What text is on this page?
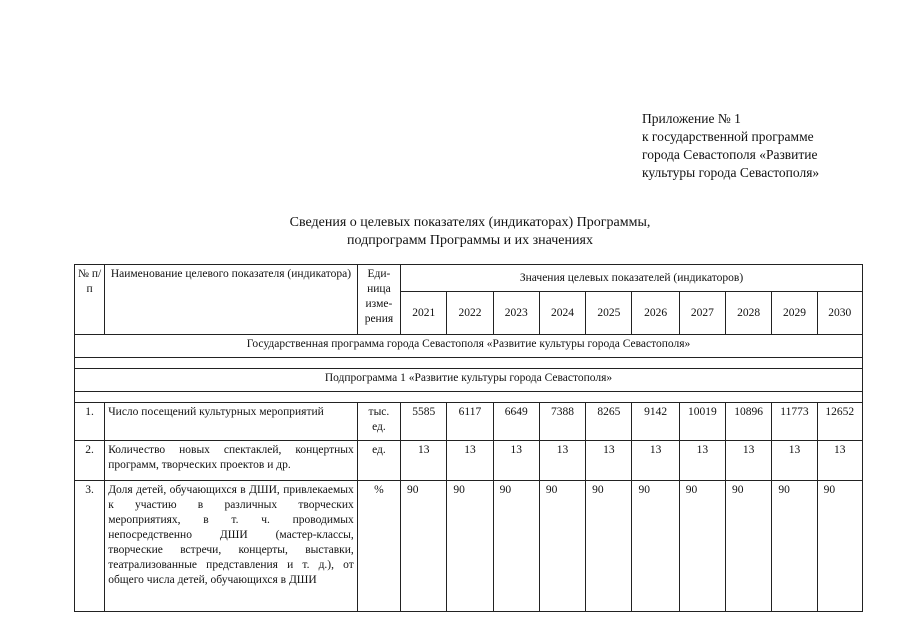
Приложение № 1
к государственной программе
города Севастополя «Развитие
культуры города Севастополя»
Сведения о целевых показателях (индикаторах) Программы,
подпрограмм Программы и их значениях
№ п/п	Наименование целевого показателя (индикатора)	Еди-ница изме-рения	Значения целевых показателей (индикаторов)									
			2021	2022	2023	2024	2025	2026	2027	2028	2029	2030
Государственная программа города Севастополя «Развитие культуры города Севастополя»												

Подпрограмма 1 «Развитие культуры города Севастополя»												

1.	Число посещений культурных мероприятий	тыс. ед.	5585	6117	6649	7388	8265	9142	10019	10896	11773	12652
2.	Количество новых спектаклей, концертных программ, творческих проектов и др.	ед.	13	13	13	13	13	13	13	13	13	13
3.	Доля детей, обучающихся в ДШИ, привлекаемых к участию в различных творческих мероприятиях, в т. ч. проводимых непосредственно ДШИ (мастер-классы, творческие встречи, концерты, выставки, театрализованные представления и т. д.), от общего числа детей, обучающихся в ДШИ	%	90	90	90	90	90	90	90	90	90	90
